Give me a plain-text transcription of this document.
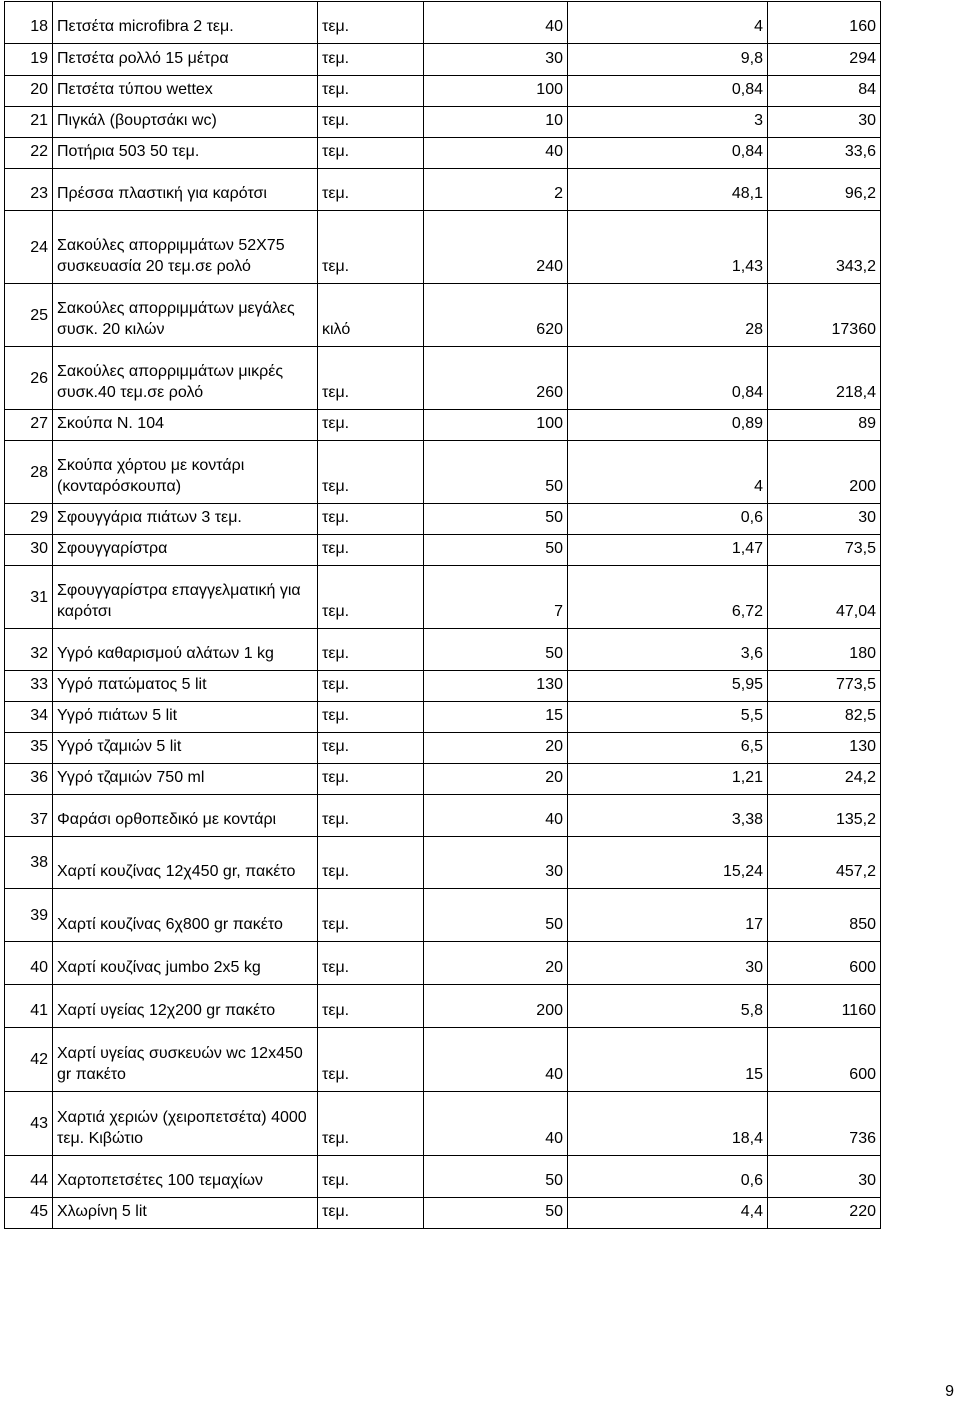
18	Πετσέτα microfibra 2 τεμ.	τεμ.	40	4	160
19	Πετσέτα ρολλό 15 μέτρα	τεμ.	30	9,8	294
20	Πετσέτα τύπου wettex	τεμ.	100	0,84	84
21	Πιγκάλ (βουρτσάκι wc)	τεμ.	10	3	30
22	Ποτήρια 503 50 τεμ.	τεμ.	40	0,84	33,6
23	Πρέσσα πλαστική για καρότσι	τεμ.	2	48,1	96,2
24	Σακούλες απορριμμάτων 52Χ75 συσκευασία 20 τεμ.σε ρολό	τεμ.	240	1,43	343,2
25	Σακούλες απορριμμάτων μεγάλες συσκ. 20 κιλών	κιλό	620	28	17360
26	Σακούλες απορριμμάτων μικρές συσκ.40 τεμ.σε ρολό	τεμ.	260	0,84	218,4
27	Σκούπα Ν. 104	τεμ.	100	0,89	89
28	Σκούπα χόρτου με κοντάρι (κονταρόσκουπα)	τεμ.	50	4	200
29	Σφουγγάρια πιάτων 3 τεμ.	τεμ.	50	0,6	30
30	Σφουγγαρίστρα	τεμ.	50	1,47	73,5
31	Σφουγγαρίστρα επαγγελματική για καρότσι	τεμ.	7	6,72	47,04
32	Υγρό καθαρισμού αλάτων 1 kg	τεμ.	50	3,6	180
33	Υγρό πατώματος 5 lit	τεμ.	130	5,95	773,5
34	Υγρό πιάτων 5 lit	τεμ.	15	5,5	82,5
35	Υγρό τζαμιών 5 lit	τεμ.	20	6,5	130
36	Υγρό τζαμιών 750 ml	τεμ.	20	1,21	24,2
37	Φαράσι ορθοπεδικό με κοντάρι	τεμ.	40	3,38	135,2
38	Χαρτί κουζίνας 12χ450 gr, πακέτο	τεμ.	30	15,24	457,2
39	Χαρτί κουζίνας 6χ800 gr πακέτο	τεμ.	50	17	850
40	Χαρτί κουζίνας jumbo 2x5 kg	τεμ.	20	30	600
41	Χαρτί υγείας 12χ200 gr πακέτο	τεμ.	200	5,8	1160
42	Χαρτί υγείας συσκευών wc 12x450 gr πακέτο	τεμ.	40	15	600
43	Χαρτιά χεριών (χειροπετσέτα) 4000 τεμ. Κιβώτιο	τεμ.	40	18,4	736
44	Χαρτοπετσέτες 100 τεμαχίων	τεμ.	50	0,6	30
45	Χλωρίνη 5 lit	τεμ.	50	4,4	220
9
